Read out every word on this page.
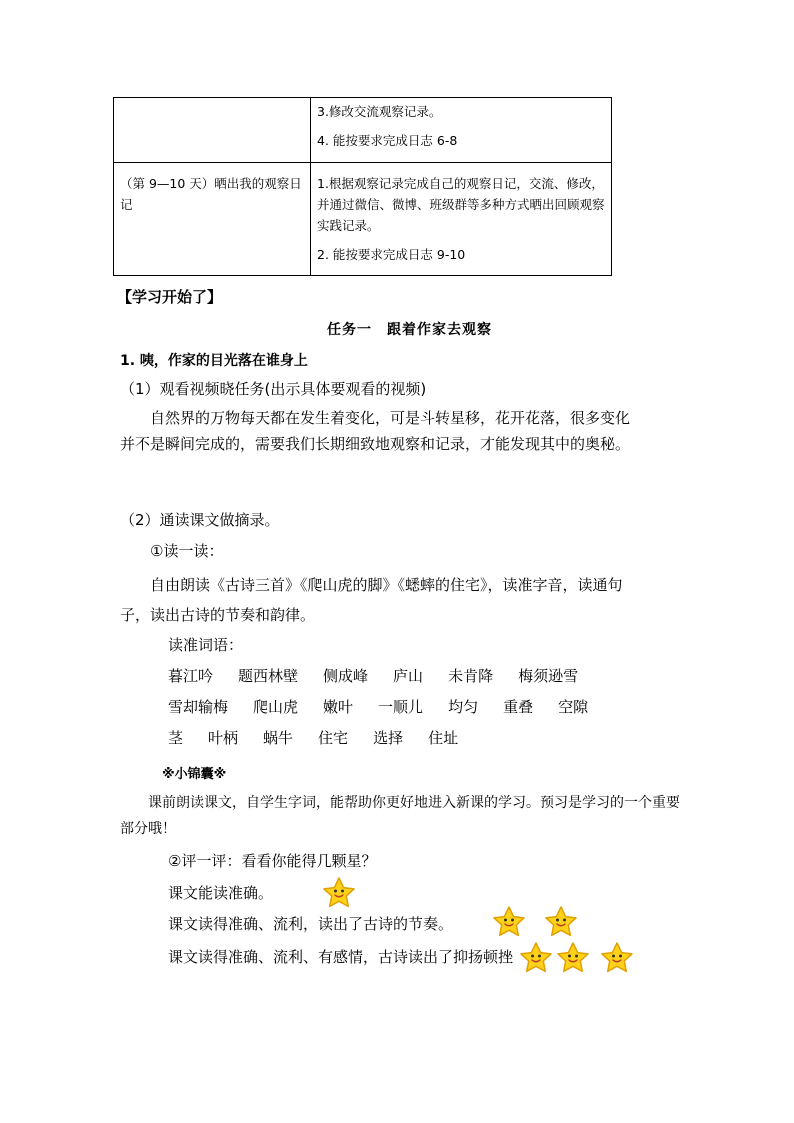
	3.修改交流观察记录。

4. 能按要求完成日志 6-8

（第 9—10 天）晒出我的观察日记	1.根据观察记录完成自己的观察日记，交流、修改，并通过微信、微博、班级群等多种方式晒出回顾观察实践记录。

2. 能按要求完成日志 9-10

【学习开始了】
任务一　跟着作家去观察
1. 咦，作家的目光落在谁身上
（1）观看视频晓任务(出示具体要观看的视频)
自然界的万物每天都在发生着变化，可是斗转星移，花开花落，很多变化并不是瞬间完成的，需要我们长期细致地观察和记录，才能发现其中的奥秘。
（2）通读课文做摘录。
①读一读：
自由朗读《古诗三首》《爬山虎的脚》《蟋蟀的住宅》，读准字音，读通句子，读出古诗的节奏和韵律。
读准词语：
暮江吟 题西林壁 侧成峰 庐山 未肯降 梅须逊雪
雪却输梅 爬山虎 嫩叶 一顺儿 均匀 重叠 空隙
茎 叶柄 蜗牛 住宅 选择 住址
※小锦囊※
课前朗读课文，自学生字词，能帮助你更好地进入新课的学习。预习是学习的一个重要部分哦！
②评一评：看看你能得几颗星？
课文能读准确。
课文读得准确、流利，读出了古诗的节奏。
课文读得准确、流利、有感情，古诗读出了抑扬顿挫
